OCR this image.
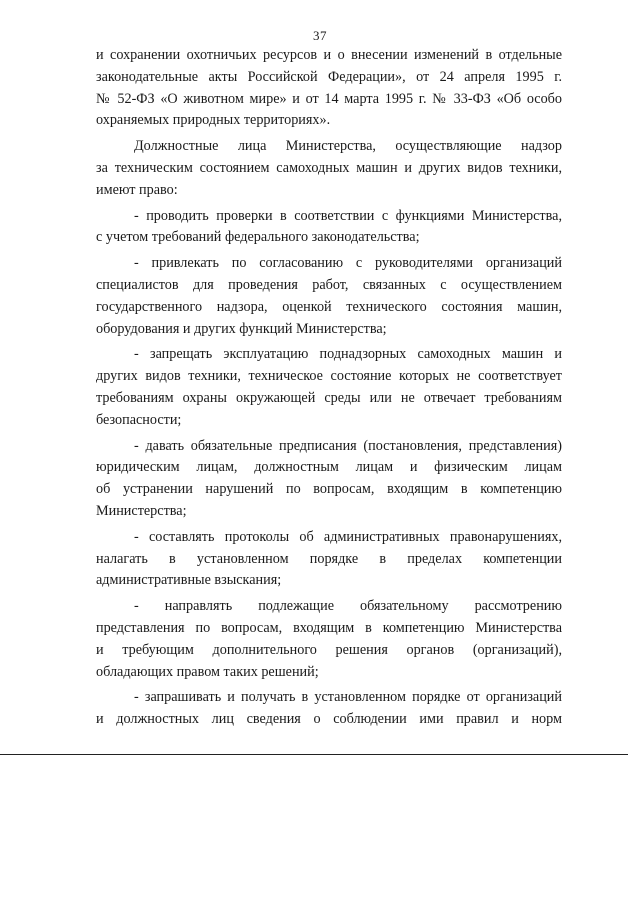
37
и сохранении охотничьих ресурсов и о внесении изменений в отдельные
законодательные акты Российской Федерации», от 24 апреля 1995 г.
№ 52-ФЗ «О животном мире» и от 14 марта 1995 г. № 33-ФЗ «Об особо
охраняемых природных территориях».
Должностные лица Министерства, осуществляющие надзор
за техническим состоянием самоходных машин и других видов техники,
имеют право:
- проводить проверки в соответствии с функциями Министерства,
с учетом требований федерального законодательства;
- привлекать по согласованию с руководителями организаций
специалистов для проведения работ, связанных с осуществлением
государственного надзора, оценкой технического состояния машин,
оборудования и других функций Министерства;
- запрещать эксплуатацию поднадзорных самоходных машин и
других видов техники, техническое состояние которых не соответствует
требованиям охраны окружающей среды или не отвечает требованиям
безопасности;
- давать обязательные предписания (постановления, представления)
юридическим лицам, должностным лицам и физическим лицам
об устранении нарушений по вопросам, входящим в компетенцию
Министерства;
- составлять протоколы об административных правонарушениях,
налагать в установленном порядке в пределах компетенции
административные взыскания;
- направлять подлежащие обязательному рассмотрению
представления по вопросам, входящим в компетенцию Министерства
и требующим дополнительного решения органов (организаций),
обладающих правом таких решений;
- запрашивать и получать в установленном порядке от организаций
и должностных лиц сведения о соблюдении ими правил и норм
